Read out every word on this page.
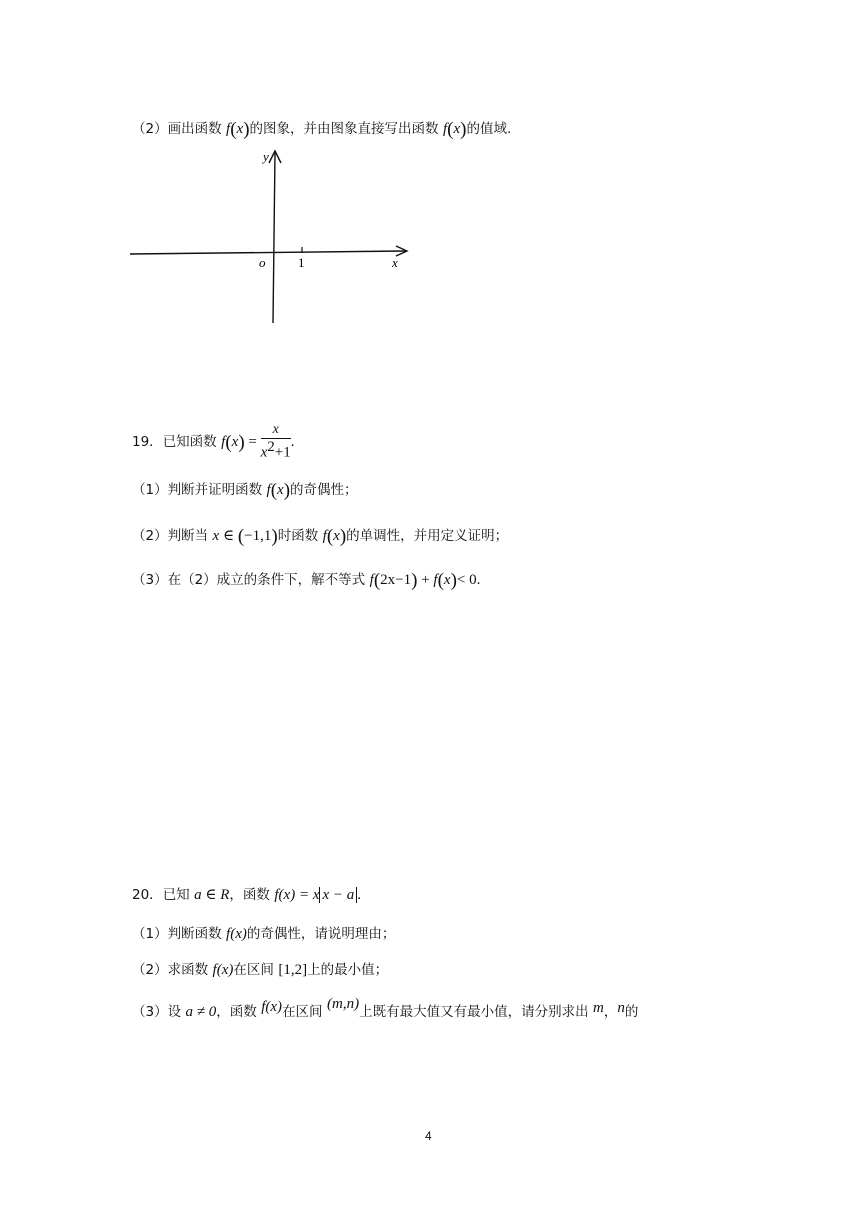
（2）画出函数 f(x)的图象，并由图象直接写出函数 f(x)的值域.
y
x
o	1
19．已知函数 $f(x) = \frac{x}{x^2+1}$ .
（1）判断并证明函数 f(x)的奇偶性；
（2）判断当 x ∈ (−1,1)时函数 f(x)的单调性，并用定义证明；
（3）在（2）成立的条件下，解不等式 f(2x−1) + f(x)< 0.
20．已知 a ∈ R，函数 f(x) = x x − a .
（1）判断函数 f(x)的奇偶性，请说明理由；
（2）求函数 f(x)在区间 [1,2]上的最小值；
（3）设 a ≠ 0，函数 f(x)在区间 (m,n)上既有最大值又有最小值，请分别求出 m，n的
4
